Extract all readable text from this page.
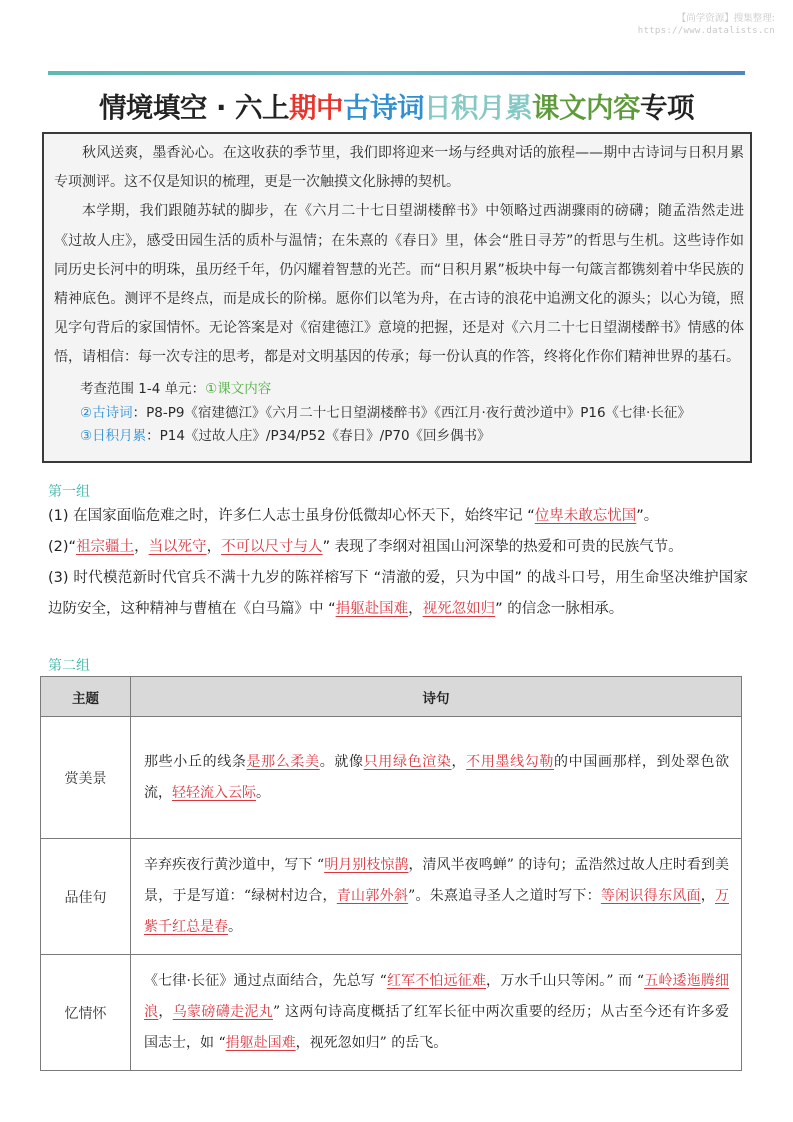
【尚学资源】搜集整理:
https://www.datalists.cn
情境填空 · 六上期中古诗词日积月累课文内容专项

秋风送爽，墨香沁心。在这收获的季节里，我们即将迎来一场与经典对话的旅程——期中古诗词与日积月累专项测评。这不仅是知识的梳理，更是一次触摸文化脉搏的契机。

本学期，我们跟随苏轼的脚步，在《六月二十七日望湖楼醉书》中领略过西湖骤雨的磅礴；随孟浩然走进《过故人庄》，感受田园生活的质朴与温情；在朱熹的《春日》里，体会“胜日寻芳”的哲思与生机。这些诗作如同历史长河中的明珠，虽历经千年，仍闪耀着智慧的光芒。而“日积月累”板块中每一句箴言都镌刻着中华民族的精神底色。测评不是终点，而是成长的阶梯。愿你们以笔为舟，在古诗的浪花中追溯文化的源头；以心为镜，照见字句背后的家国情怀。无论答案是对《宿建德江》意境的把握，还是对《六月二十七日望湖楼醉书》情感的体悟，请相信：每一次专注的思考，都是对文明基因的传承；每一份认真的作答，终将化作你们精神世界的基石。

考查范围 1-4 单元：①课文内容
②古诗词：P8-P9《宿建德江》《六月二十七日望湖楼醉书》《西江月·夜行黄沙道中》P16《七律·长征》
③日积月累：P14《过故人庄》/P34/P52《春日》/P70《回乡偶书》
第一组
(1) 在国家面临危难之时，许多仁人志士虽身份低微却心怀天下，始终牢记 “位卑未敢忘忧国”。
(2)“祖宗疆土，当以死守，不可以尺寸与人” 表现了李纲对祖国山河深挚的热爱和可贵的民族气节。
(3) 时代模范新时代官兵不满十九岁的陈祥榕写下 “清澈的爱，只为中国” 的战斗口号，用生命坚决维护国家边防安全，这种精神与曹植在《白马篇》中 “捐躯赴国难，视死忽如归” 的信念一脉相承。
第二组
主题	诗句
赏美景	那些小丘的线条是那么柔美。就像只用绿色渲染，不用墨线勾勒的中国画那样，到处翠色欲流，轻轻流入云际。
品佳句	辛弃疾夜行黄沙道中，写下 “明月别枝惊鹊，清风半夜鸣蝉” 的诗句；孟浩然过故人庄时看到美景，于是写道：“绿树村边合，青山郭外斜”。朱熹追寻圣人之道时写下：等闲识得东风面，万紫千红总是春。
忆情怀	《七律·长征》通过点面结合，先总写 “红军不怕远征难，万水千山只等闲。” 而 “五岭逶迤腾细浪，乌蒙磅礴走泥丸” 这两句诗高度概括了红军长征中两次重要的经历；从古至今还有许多爱国志士，如 “捐躯赴国难，视死忽如归” 的岳飞。
